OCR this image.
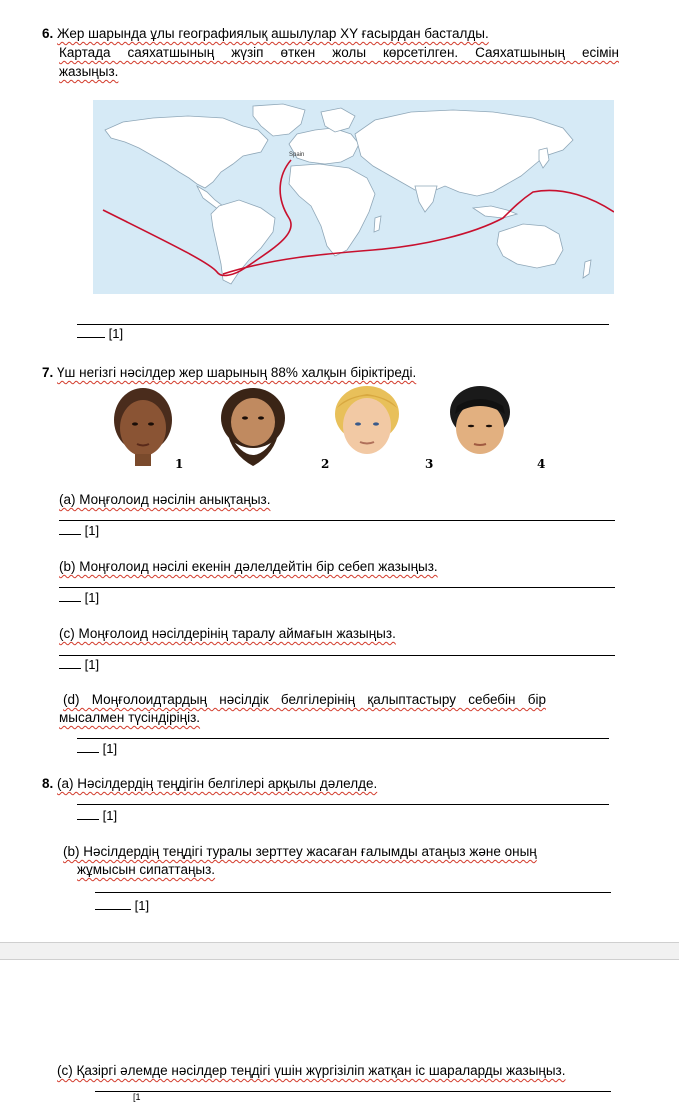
6. Жер шарында ұлы географиялық ашылулар XY ғасырдан басталды.
Картада саяхатшының жүзіп өткен жолы көрсетілген. Саяхатшының есімін
жазыңыз.
Spain
[1]
7. Үш негізгі нәсілдер жер шарының 88% халқын біріктіреді.
1	2	3	4
(а) Моңғолоид нәсілін анықтаңыз.
[1]
(b) Моңғолоид нәсілі екенін дәлелдейтін бір себеп жазыңыз.
[1]
(с) Моңғолоид нәсілдерінің таралу аймағын жазыңыз.
[1]
(d) Моңғолоидтардың нәсілдік белгілерінің қалыптастыру себебін бір
мысалмен түсіндіріңіз.
[1]
8. (а) Нәсілдердің теңдігін белгілері арқылы дәлелде.
[1]
(b) Нәсілдердің теңдігі туралы зерттеу жасаған ғалымды атаңыз және оның
жұмысын сипаттаңыз.
[1]
(с) Қазіргі әлемде нәсілдер теңдігі үшін жүргізіліп жатқан іс шараларды жазыңыз.
[1
